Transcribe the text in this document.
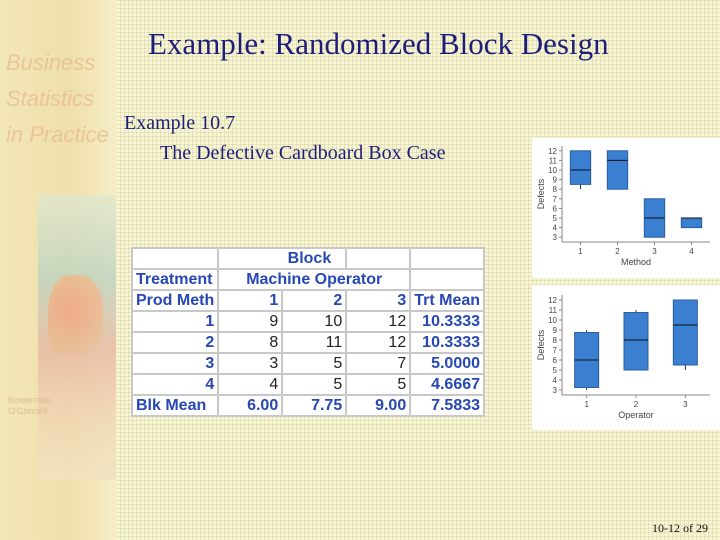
Business
Statistics
in Practice
Bowerman
O'Connell
Example: Randomized Block Design
Example 10.7
The Defective Cardboard Box Case
	Block			
Treatment	Machine Operator			
Prod Meth	1	2	3	Trt Mean
1	9	10	12	10.3333
2	8	11	12	10.3333
3	3	5	7	5.0000
4	4	5	5	4.6667
Blk Mean	6.00	7.75	9.00	7.5833
3
4
5
6
7
8
9
10
11
12
1	2	3	4
Method
Defects
3
4
5
6
7
8
9
10
11
12
1	2	3
Operator
Defects
10-12 of 29
